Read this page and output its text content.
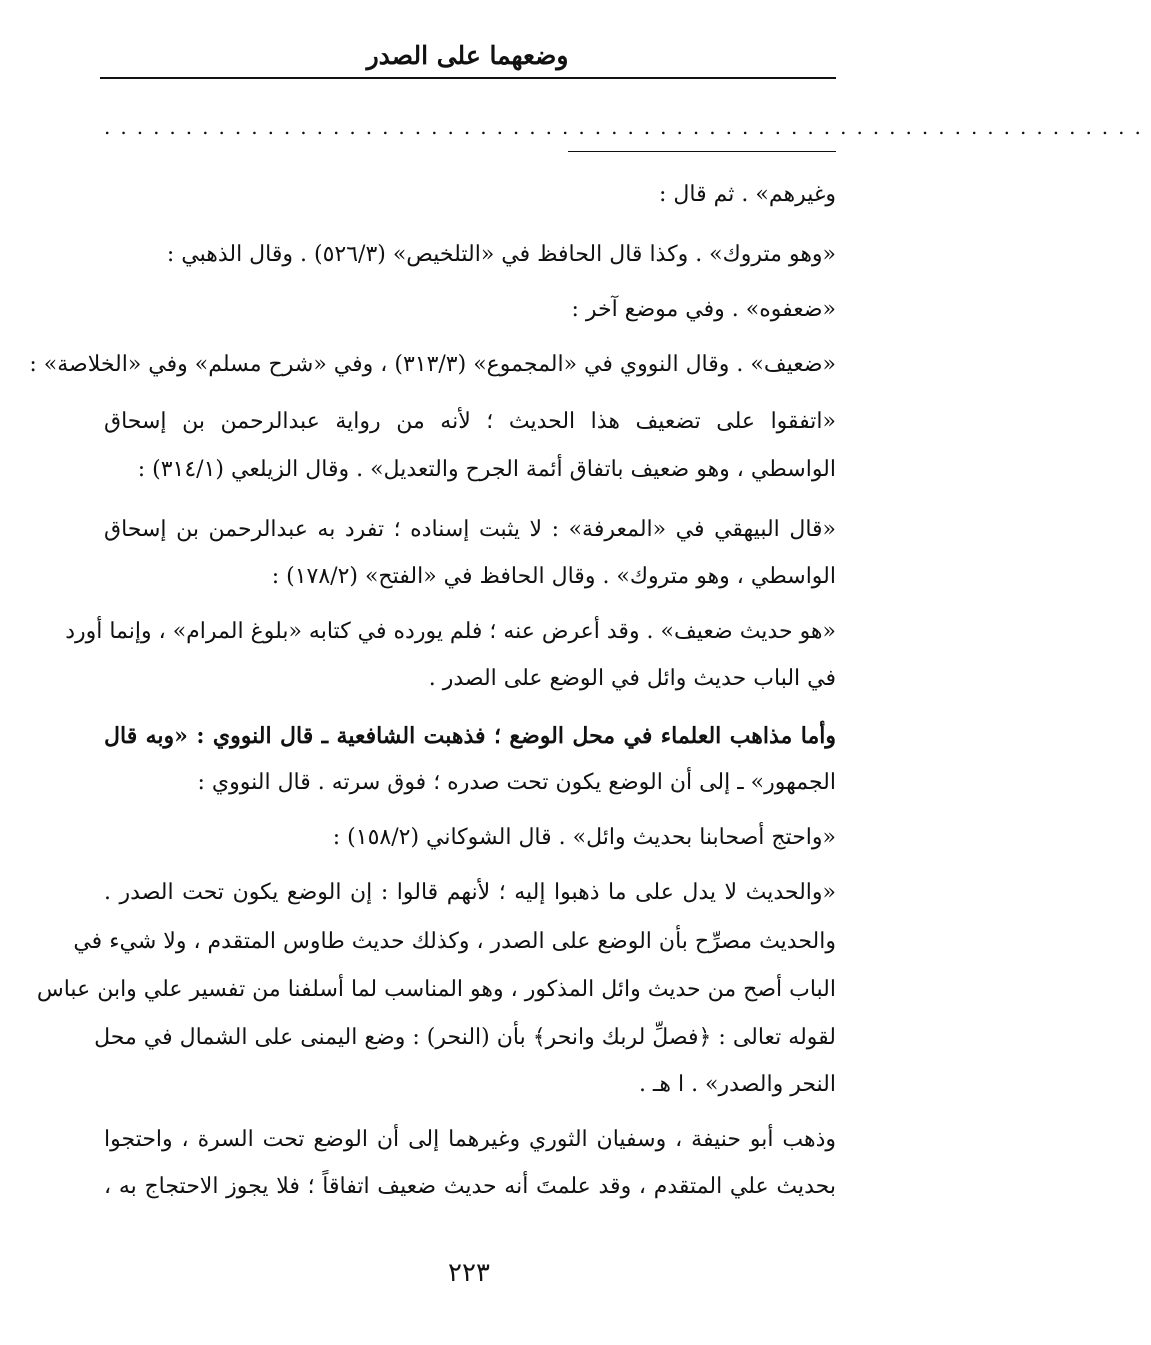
وضعهما على الصدر
................................................................
وغيرهم» . ثم قال :
«وهو متروك» . وكذا قال الحافظ في «التلخيص» (٥٢٦/٣) . وقال الذهبي :
«ضعفوه» . وفي موضع آخر :
«ضعيف» . وقال النووي في «المجموع» (٣١٣/٣) ، وفي «شرح مسلم» وفي «الخلاصة» :
«اتفقوا على تضعيف هذا الحديث ؛ لأنه من رواية عبدالرحمن بن إسحاق
الواسطي ، وهو ضعيف باتفاق أئمة الجرح والتعديل» . وقال الزيلعي (٣١٤/١) :
«قال البيهقي في «المعرفة» : لا يثبت إسناده ؛ تفرد به عبدالرحمن بن إسحاق
الواسطي ، وهو متروك» . وقال الحافظ في «الفتح» (١٧٨/٢) :
«هو حديث ضعيف» . وقد أعرض عنه ؛ فلم يورده في كتابه «بلوغ المرام» ، وإنما أورد
في الباب حديث وائل في الوضع على الصدر .
وأما مذاهب العلماء في محل الوضع ؛ فذهبت الشافعية ـ قال النووي : «وبه قال
الجمهور» ـ إلى أن الوضع يكون تحت صدره ؛ فوق سرته . قال النووي :
«واحتج أصحابنا بحديث وائل» . قال الشوكاني (١٥٨/٢) :
«والحديث لا يدل على ما ذهبوا إليه ؛ لأنهم قالوا : إن الوضع يكون تحت الصدر .
والحديث مصرِّح بأن الوضع على الصدر ، وكذلك حديث طاوس المتقدم ، ولا شيء في
الباب أصح من حديث وائل المذكور ، وهو المناسب لما أسلفنا من تفسير علي وابن عباس
لقوله تعالى : ﴿فصلِّ لربك وانحر﴾ بأن (النحر) : وضع اليمنى على الشمال في محل
النحر والصدر» . ا هـ .
وذهب أبو حنيفة ، وسفيان الثوري وغيرهما إلى أن الوضع تحت السرة ، واحتجوا
بحديث علي المتقدم ، وقد علمتَ أنه حديث ضعيف اتفاقاً ؛ فلا يجوز الاحتجاج به ،
٢٢٣
